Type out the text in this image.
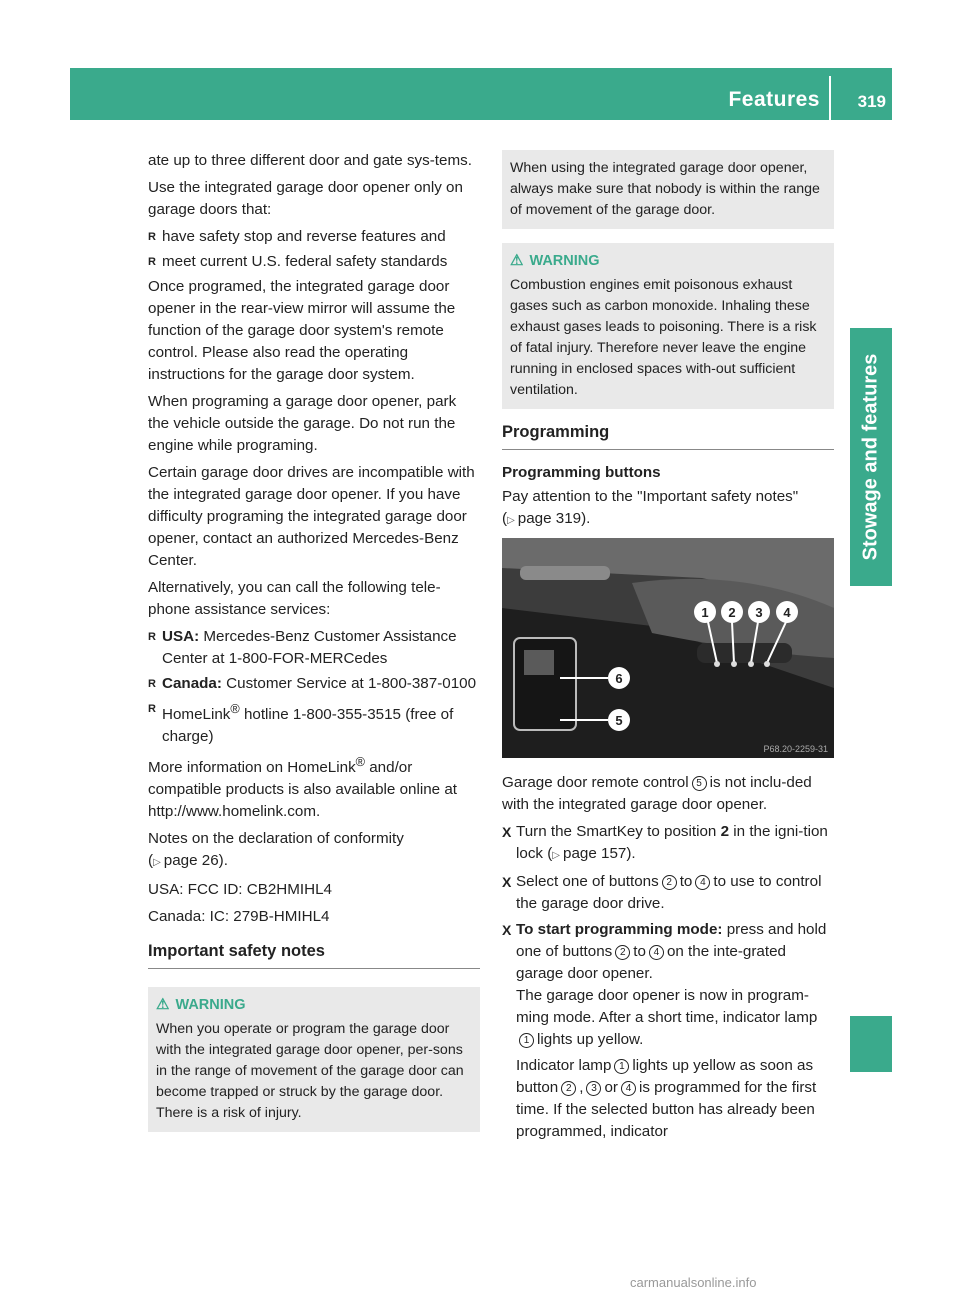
Features 319
Stowage and features

ate up to three different door and gate sys-tems.

Use the integrated garage door opener only on garage doors that:

R have safety stop and reverse features and
R meet current U.S. federal safety standards

Once programed, the integrated garage door opener in the rear-view mirror will assume the function of the garage door system's remote control. Please also read the operating instructions for the garage door system.

When programing a garage door opener, park the vehicle outside the garage. Do not run the engine while programing.

Certain garage door drives are incompatible with the integrated garage door opener. If you have difficulty programing the integrated garage door opener, contact an authorized Mercedes-Benz Center.

Alternatively, you can call the following tele-phone assistance services:

R USA: Mercedes-Benz Customer Assistance Center at 1-800-FOR-MERCedes
R Canada: Customer Service at 1-800-387-0100
R HomeLink® hotline 1-800-355-3515 (free of charge)

More information on HomeLink® and/or compatible products is also available online at http://www.homelink.com.

Notes on the declaration of conformity
(▷ page 26).

USA: FCC ID: CB2HMIHL4

Canada: IC: 279B-HMIHL4

Important safety notes
⚠ WARNING

When you operate or program the garage door with the integrated garage door opener, per-sons in the range of movement of the garage door can become trapped or struck by the garage door. There is a risk of injury.

When using the integrated garage door opener, always make sure that nobody is within the range of movement of the garage door.

⚠ WARNING

Combustion engines emit poisonous exhaust gases such as carbon monoxide. Inhaling these exhaust gases leads to poisoning. There is a risk of fatal injury. Therefore never leave the engine running in enclosed spaces with-out sufficient ventilation.

Programming
Programming buttons

Pay attention to the "Important safety notes"
(▷ page 319).

1 2 3 4
6
5
P68.20-2259-31

Garage door remote control 5 is not inclu-ded with the integrated garage door opener.

X Turn the SmartKey to position 2 in the igni-tion lock (▷ page 157).
X Select one of buttons 2 to 4 to use to control the garage door drive.
X To start programming mode: press and hold one of buttons 2 to 4 on the inte-grated garage door opener.
The garage door opener is now in program-ming mode. After a short time, indicator lamp1 lights up yellow.
Indicator lamp 1 lights up yellow as soon as button 2 , 3 or 4 is programmed for the first time. If the selected button has already been programmed, indicator
carmanualsonline.info
